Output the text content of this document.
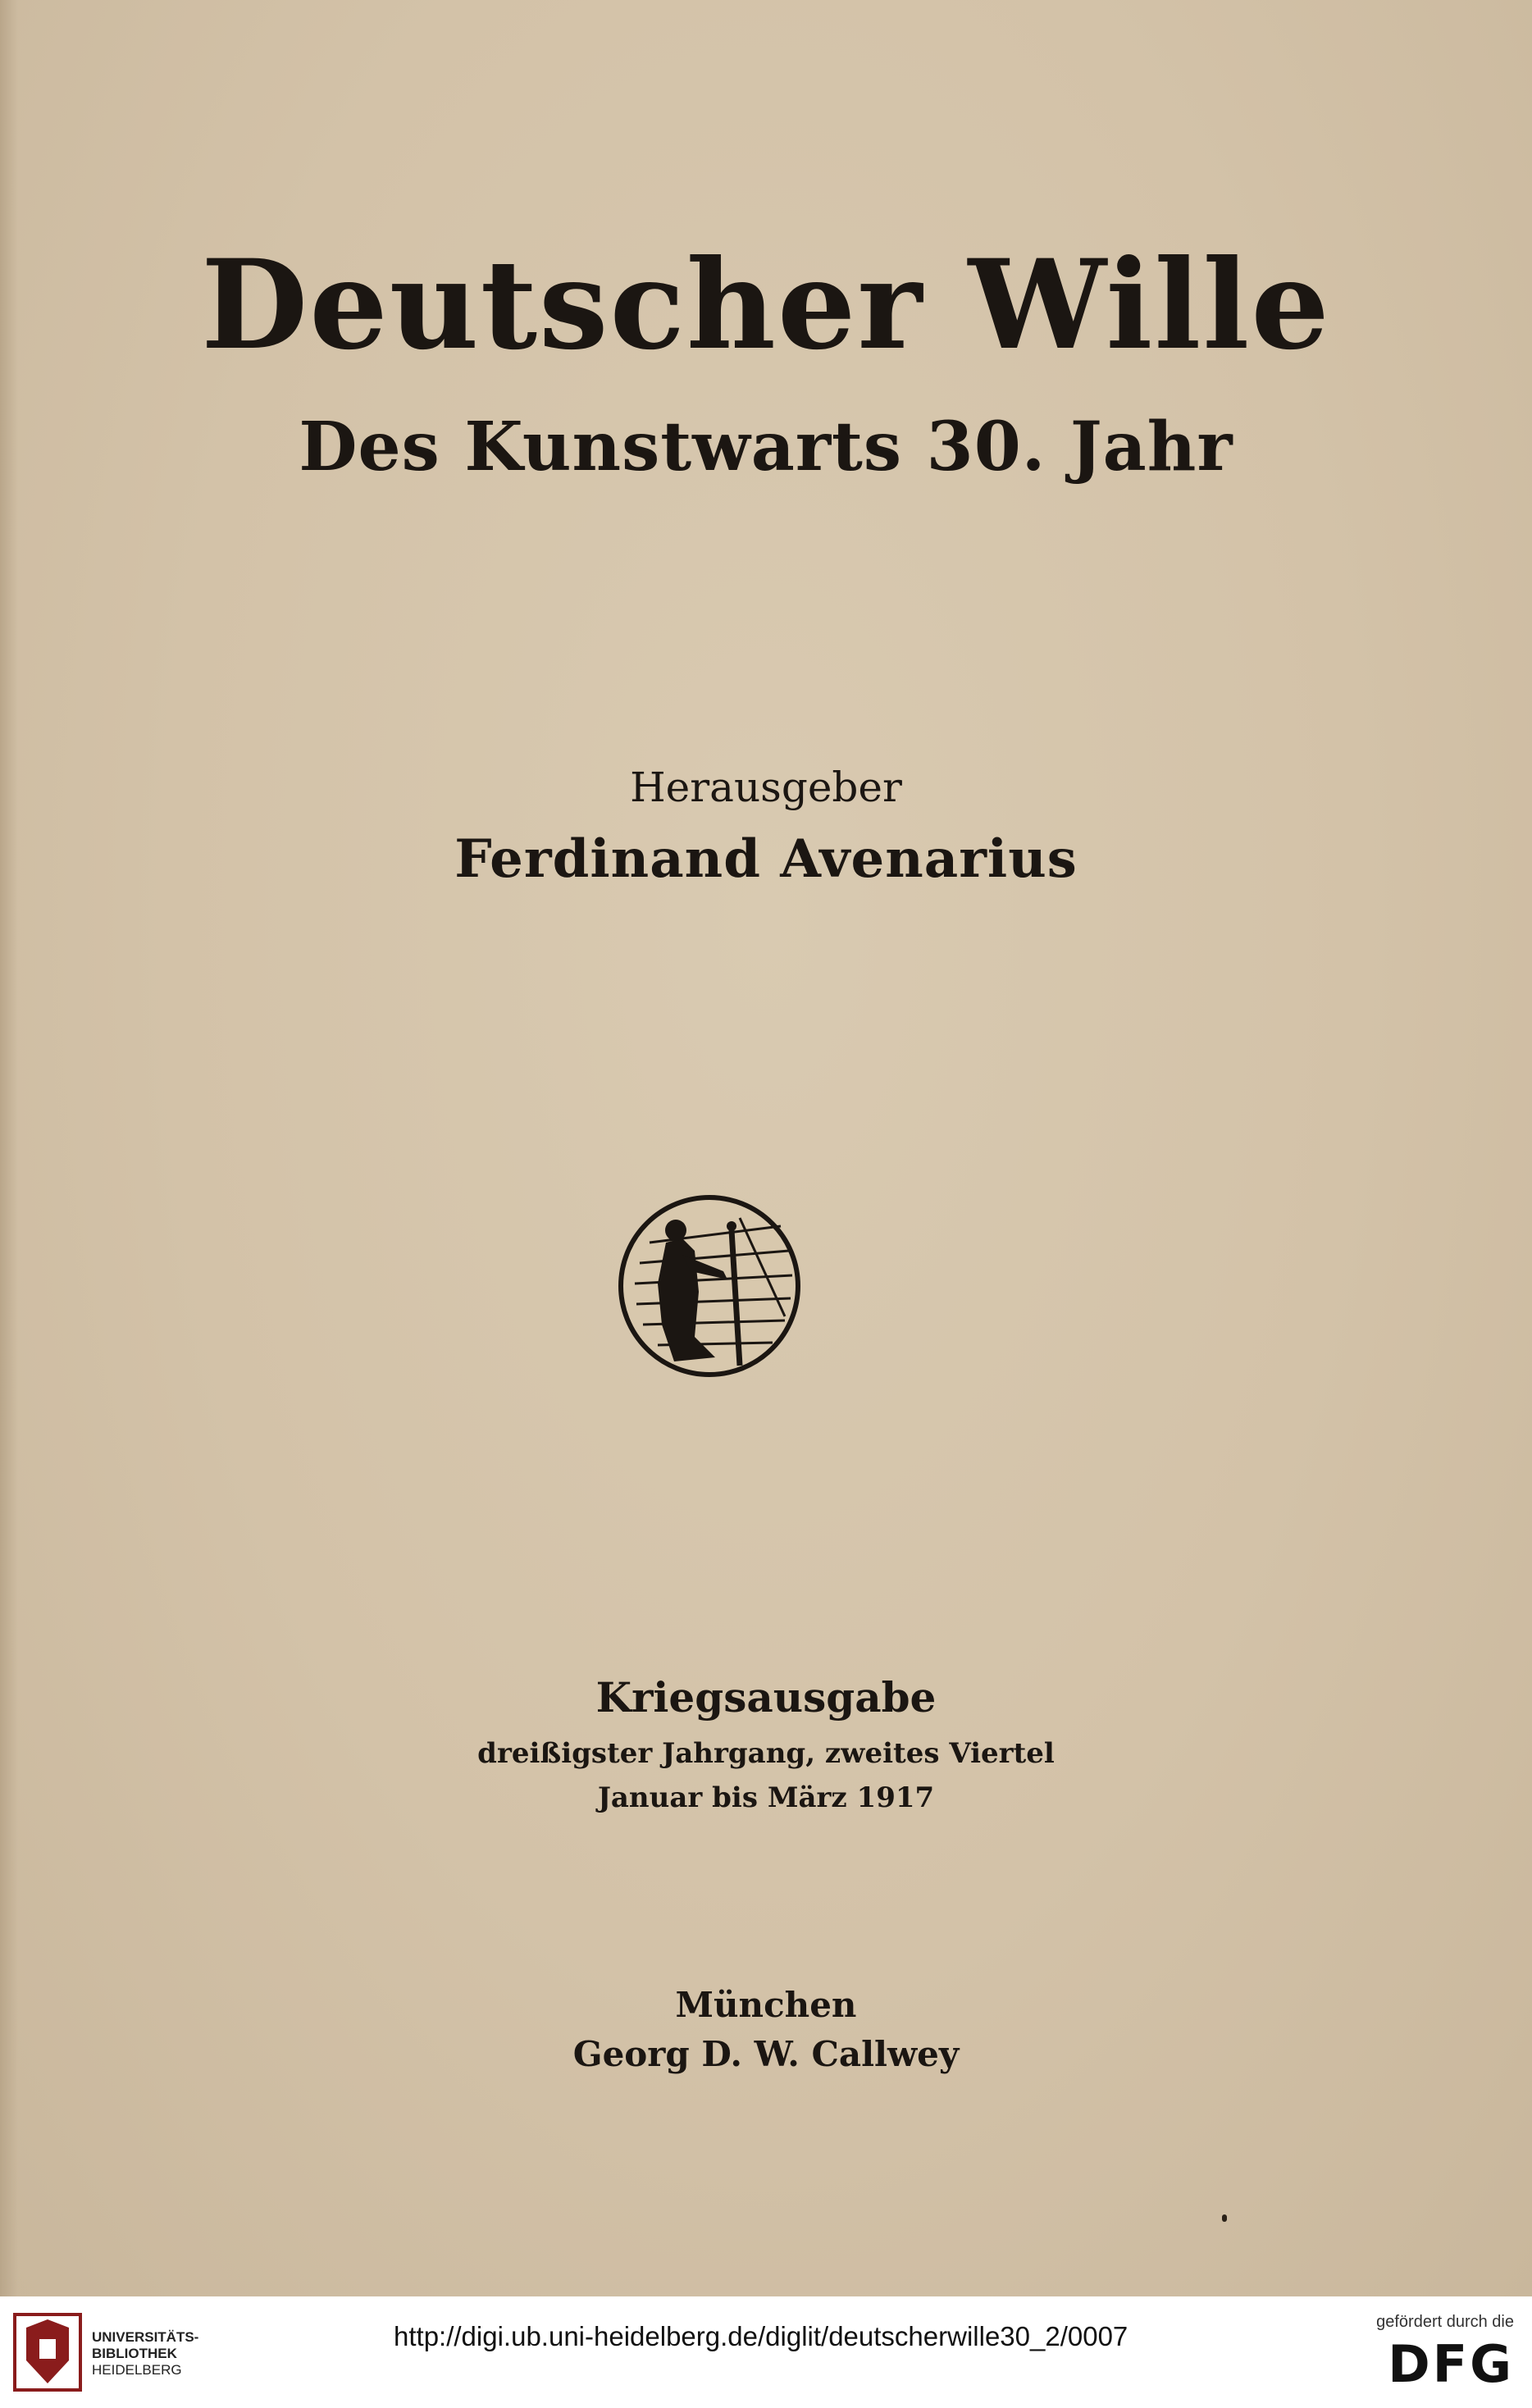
Deutscher Wille
Des Kunstwarts 30. Jahr
Herausgeber
Ferdinand Avenarius
Kriegsausgabe
dreißigster Jahrgang, zweites Viertel
Januar bis März 1917
München
Georg D. W. Callwey
UNIVERSITÄTS-
BIBLIOTHEK
HEIDELBERG
http://digi.ub.uni-heidelberg.de/diglit/deutscherwille30_2/0007	gefördert durch die
DFG
